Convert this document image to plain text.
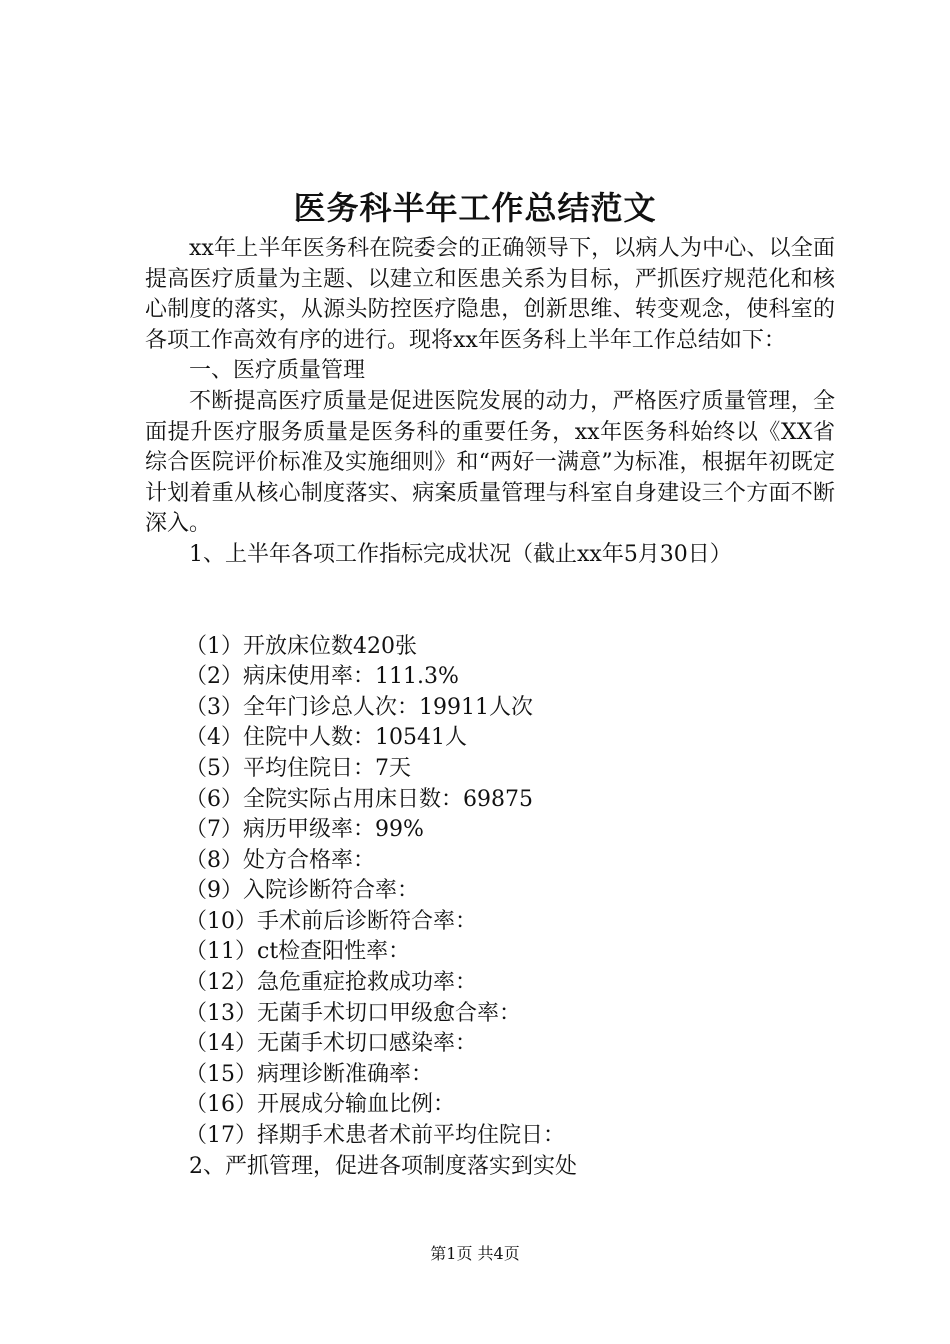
医务科半年工作总结范文

xx年上半年医务科在院委会的正确领导下，以病人为中心、以全面提高医疗质量为主题、以建立和医患关系为目标，严抓医疗规范化和核心制度的落实，从源头防控医疗隐患，创新思维、转变观念，使科室的各项工作高效有序的进行。现将xx年医务科上半年工作总结如下：

一、医疗质量管理

不断提高医疗质量是促进医院发展的动力，严格医疗质量管理，全面提升医疗服务质量是医务科的重要任务，xx年医务科始终以《XX省综合医院评价标准及实施细则》和“两好一满意”为标准，根据年初既定计划着重从核心制度落实、病案质量管理与科室自身建设三个方面不断深入。

1、上半年各项工作指标完成状况（截止xx年5月30日）

（1）开放床位数420张
（2）病床使用率：111.3%
（3）全年门诊总人次：19911人次
（4）住院中人数：10541人
（5）平均住院日：7天
（6）全院实际占用床日数：69875
（7）病历甲级率：99%
（8）处方合格率：
（9）入院诊断符合率：
（10）手术前后诊断符合率：
（11）ct检查阳性率：
（12）急危重症抢救成功率：
（13）无菌手术切口甲级愈合率：
（14）无菌手术切口感染率：
（15）病理诊断准确率：
（16）开展成分输血比例：
（17）择期手术患者术前平均住院日：

2、严抓管理，促进各项制度落实到实处

第1页 共4页
